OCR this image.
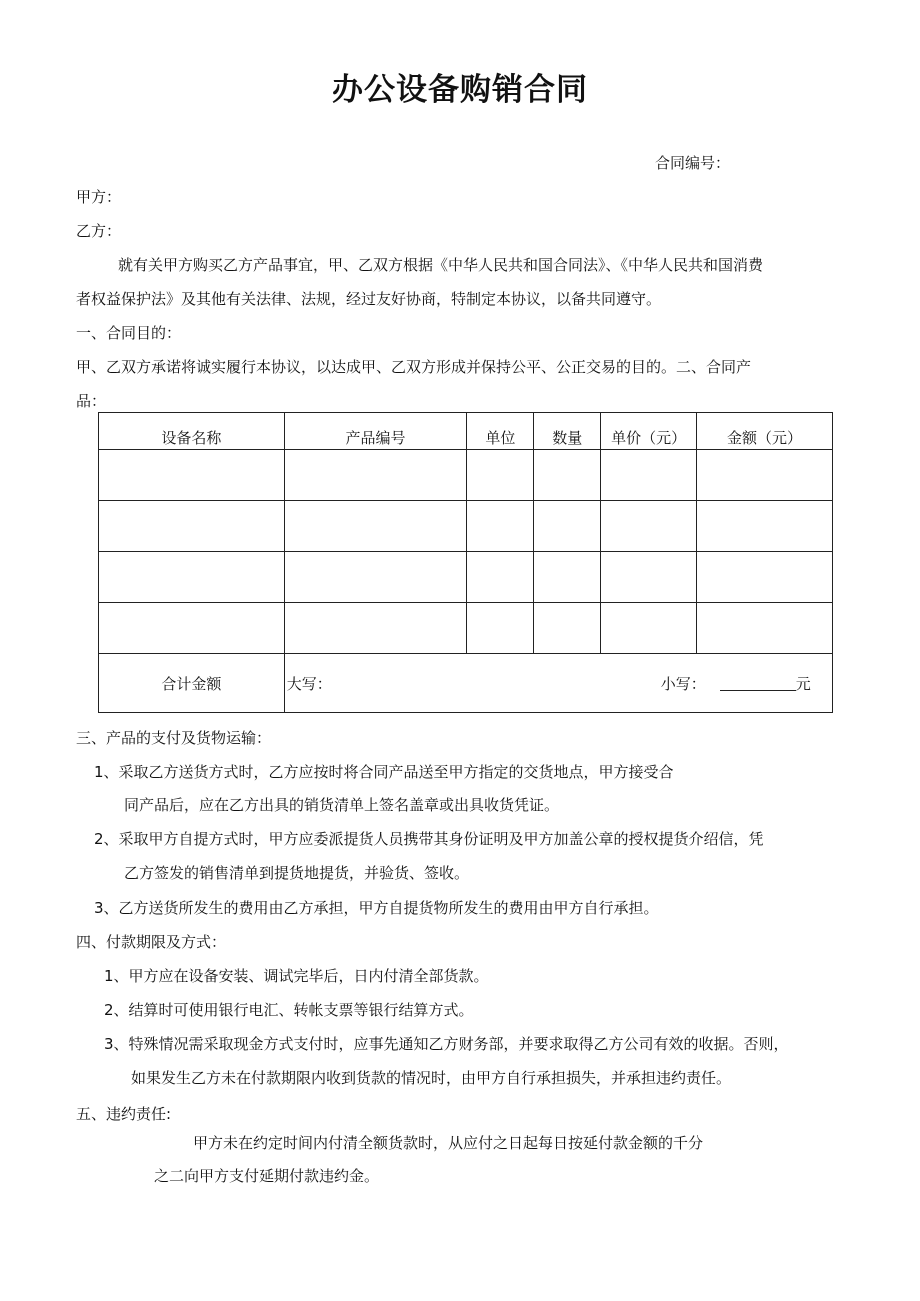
办公设备购销合同
合同编号：
甲方：
乙方：
就有关甲方购买乙方产品事宜，甲、乙双方根据《中华人民共和国合同法》、《中华人民共和国消费
者权益保护法》及其他有关法律、法规，经过友好协商，特制定本协议，以备共同遵守。
一、合同目的：
甲、乙双方承诺将诚实履行本协议，以达成甲、乙双方形成并保持公平、公正交易的目的。二、合同产
品：
设备名称	产品编号	单位	数量	单价（元）	金额（元）

合计金额	大写： 小写： 元				
三、产品的支付及货物运输：
1、采取乙方送货方式时，乙方应按时将合同产品送至甲方指定的交货地点，甲方接受合
同产品后，应在乙方出具的销货清单上签名盖章或出具收货凭证。
2、采取甲方自提方式时，甲方应委派提货人员携带其身份证明及甲方加盖公章的授权提货介绍信，凭
乙方签发的销售清单到提货地提货，并验货、签收。
3、乙方送货所发生的费用由乙方承担，甲方自提货物所发生的费用由甲方自行承担。
四、付款期限及方式：
1、甲方应在设备安装、调试完毕后，日内付清全部货款。
2、结算时可使用银行电汇、转帐支票等银行结算方式。
3、特殊情况需采取现金方式支付时，应事先通知乙方财务部，并要求取得乙方公司有效的收据。否则，
如果发生乙方未在付款期限内收到货款的情况时，由甲方自行承担损失，并承担违约责任。
五、违约责任:
甲方未在约定时间内付清全额货款时，从应付之日起每日按延付款金额的千分
之二向甲方支付延期付款违约金。
